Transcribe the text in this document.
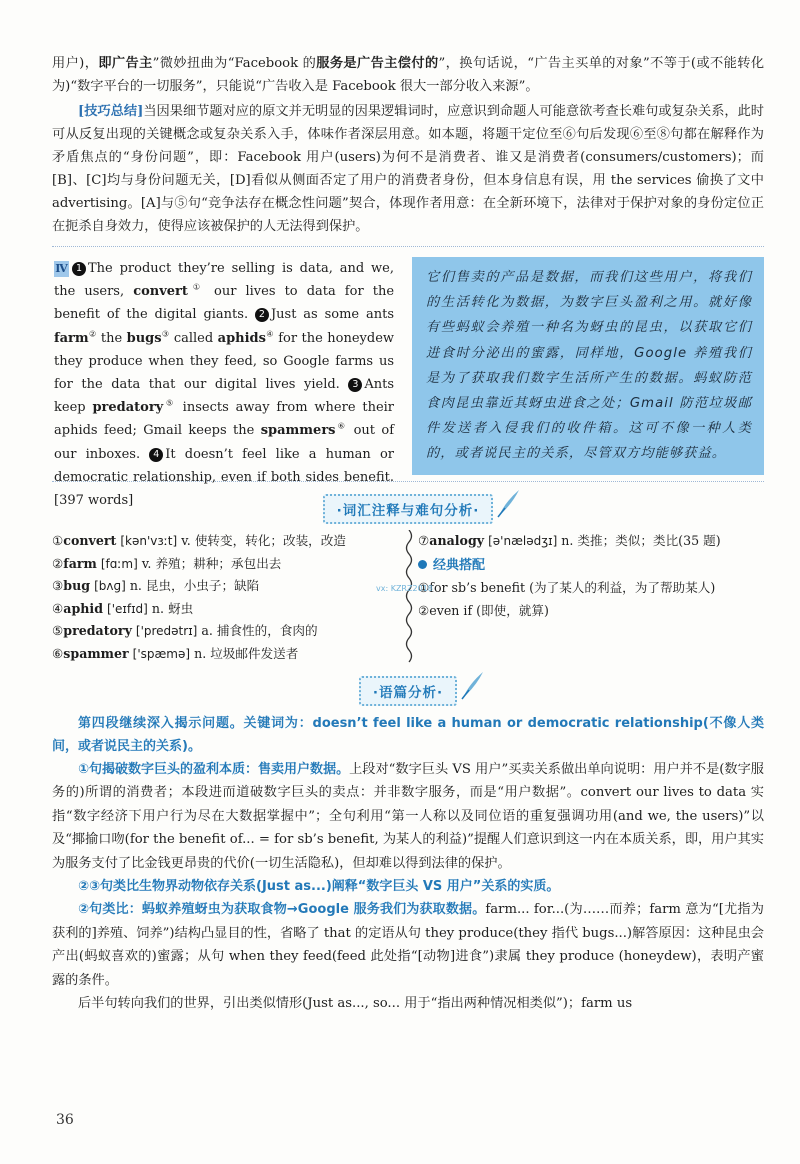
用户)，即广告主”微妙扭曲为“Facebook 的服务是广告主偿付的”，换句话说，“广告主买单的对象”不等于(或不能转化为)“数字平台的一切服务”，只能说“广告收入是 Facebook 很大一部分收入来源”。

[技巧总结]当因果细节题对应的原文并无明显的因果逻辑词时，应意识到命题人可能意欲考查长难句或复杂关系，此时可从反复出现的关键概念或复杂关系入手，体味作者深层用意。如本题，将题干定位至⑥句后发现⑥至⑧句都在解释作为矛盾焦点的“身份问题”，即：Facebook 用户(users)为何不是消费者、谁又是消费者(consumers/customers)；而[B]、[C]均与身份问题无关，[D]看似从侧面否定了用户的消费者身份，但本身信息有误，用 the services 偷换了文中 advertising。[A]与⑤句“竞争法存在概念性问题”契合，体现作者用意：在全新环境下，法律对于保护对象的身份定位正在扼杀自身效力，使得应该被保护的人无法得到保护。

Ⅳ 1 The product they’re selling is data, and we, the users, convert① our lives to data for the benefit of the digital giants. 2 Just as some ants farm② the bugs③ called aphids④ for the honeydew they produce when they feed, so Google farms us for the data that our digital lives yield. 3 Ants keep predatory⑤ insects away from where their aphids feed; Gmail keeps the spammers⑥ out of our inboxes. 4 It doesn’t feel like a human or democratic relationship, even if both sides benefit. [397 words]

它们售卖的产品是数据，而我们这些用户，将我们的生活转化为数据，为数字巨头盈利之用。就好像有些蚂蚁会养殖一种名为蚜虫的昆虫，以获取它们进食时分泌出的蜜露，同样地，Google 养殖我们是为了获取我们数字生活所产生的数据。蚂蚁防范食肉昆虫靠近其蚜虫进食之处；Gmail 防范垃圾邮件发送者入侵我们的收件箱。这可不像一种人类的，或者说民主的关系，尽管双方均能够获益。
·词汇注释与难句分析·
①convert [kən'vɜːt] v. 使转变，转化；改装，改造
②farm [fɑːm] v. 养殖；耕种；承包出去
③bug [bʌɡ] n. 昆虫，小虫子；缺陷
④aphid ['eɪfɪd] n. 蚜虫
⑤predatory ['predətrɪ] a. 捕食性的，食肉的
⑥spammer ['spæmə] n. 垃圾邮件发送者
⑦analogy [ə'nælədʒɪ] n. 类推；类似；类比(35 题)
经典搭配
①for sb’s benefit (为了某人的利益，为了帮助某人)
②even if (即使，就算)
·语篇分析·

第四段继续深入揭示问题。关键词为：doesn’t feel like a human or democratic relationship(不像人类间，或者说民主的关系)。

①句揭破数字巨头的盈利本质：售卖用户数据。上段对“数字巨头 VS 用户”买卖关系做出单向说明：用户并不是(数字服务的)所谓的消费者；本段进而道破数字巨头的卖点：并非数字服务，而是“用户数据”。convert our lives to data 实指“数字经济下用户行为尽在大数据掌握中”；全句利用“第一人称以及同位语的重复强调功用(and we, the users)”以及“揶揄口吻(for the benefit of... = for sb’s benefit, 为某人的利益)”提醒人们意识到这一内在本质关系，即，用户其实为服务支付了比金钱更昂贵的代价(一切生活隐私)，但却难以得到法律的保护。

②③句类比生物界动物依存关系(Just as...)阐释“数字巨头 VS 用户”关系的实质。

②句类比：蚂蚁养殖蚜虫为获取食物→Google 服务我们为获取数据。farm... for...(为……而养；farm 意为“[尤指为获利的]养殖、饲养”)结构凸显目的性，省略了 that 的定语从句 they produce(they 指代 bugs...)解答原因：这种昆虫会产出(蚂蚁喜欢的)蜜露；从句 when they feed(feed 此处指“[动物]进食”)隶属 they produce (honeydew)，表明产蜜露的条件。

后半句转向我们的世界，引出类似情形(Just as..., so... 用于“指出两种情况相类似”)；farm us

vx: KZRZ2018
36
